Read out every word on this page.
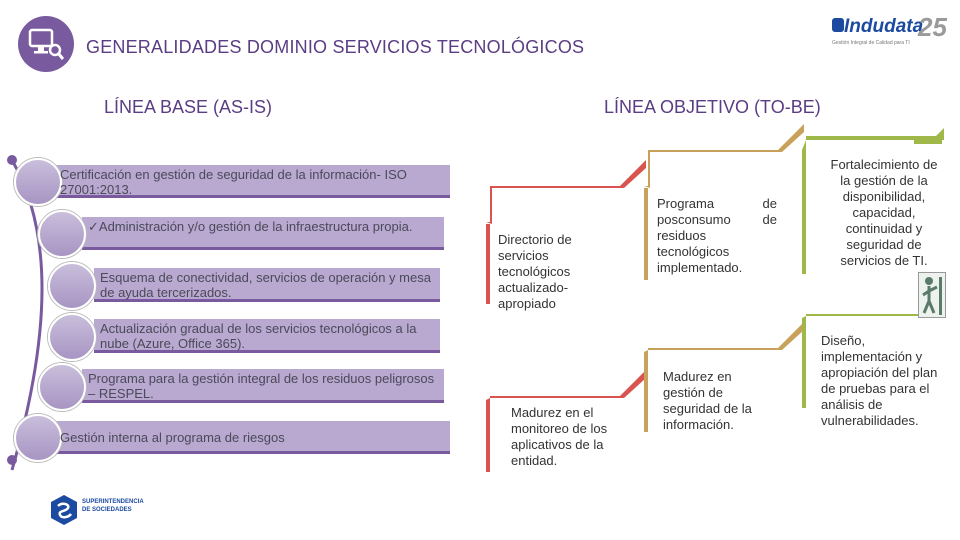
GENERALIDADES DOMINIO SERVICIOS TECNOLÓGICOS
Indudata
25
Gestión Integral de Calidad para TI
LÍNEA BASE (AS-IS)	LÍNEA OBJETIVO (TO-BE)
Certificación en gestión de seguridad de la información- ISO 27001:2013.
✓Administración y/o gestión de la infraestructura propia.
Esquema de conectividad, servicios de operación y mesa de ayuda tercerizados.
Actualización gradual de los servicios tecnológicos a la nube (Azure, Office 365).
Programa para la gestión integral de los residuos peligrosos – RESPEL.
Gestión interna al programa de riesgos
Directorio de servicios tecnológicos actualizado-apropiado
Programa de posconsumo de residuos tecnológicos implementado.
Fortalecimiento de la gestión de la disponibilidad, capacidad, continuidad y seguridad de servicios de TI.
Madurez en el monitoreo de los aplicativos de la entidad.
Madurez en gestión de seguridad de la información.
Diseño, implementación y apropiación del plan de pruebas para el análisis de vulnerabilidades.
SUPERINTENDENCIA
DE SOCIEDADES
